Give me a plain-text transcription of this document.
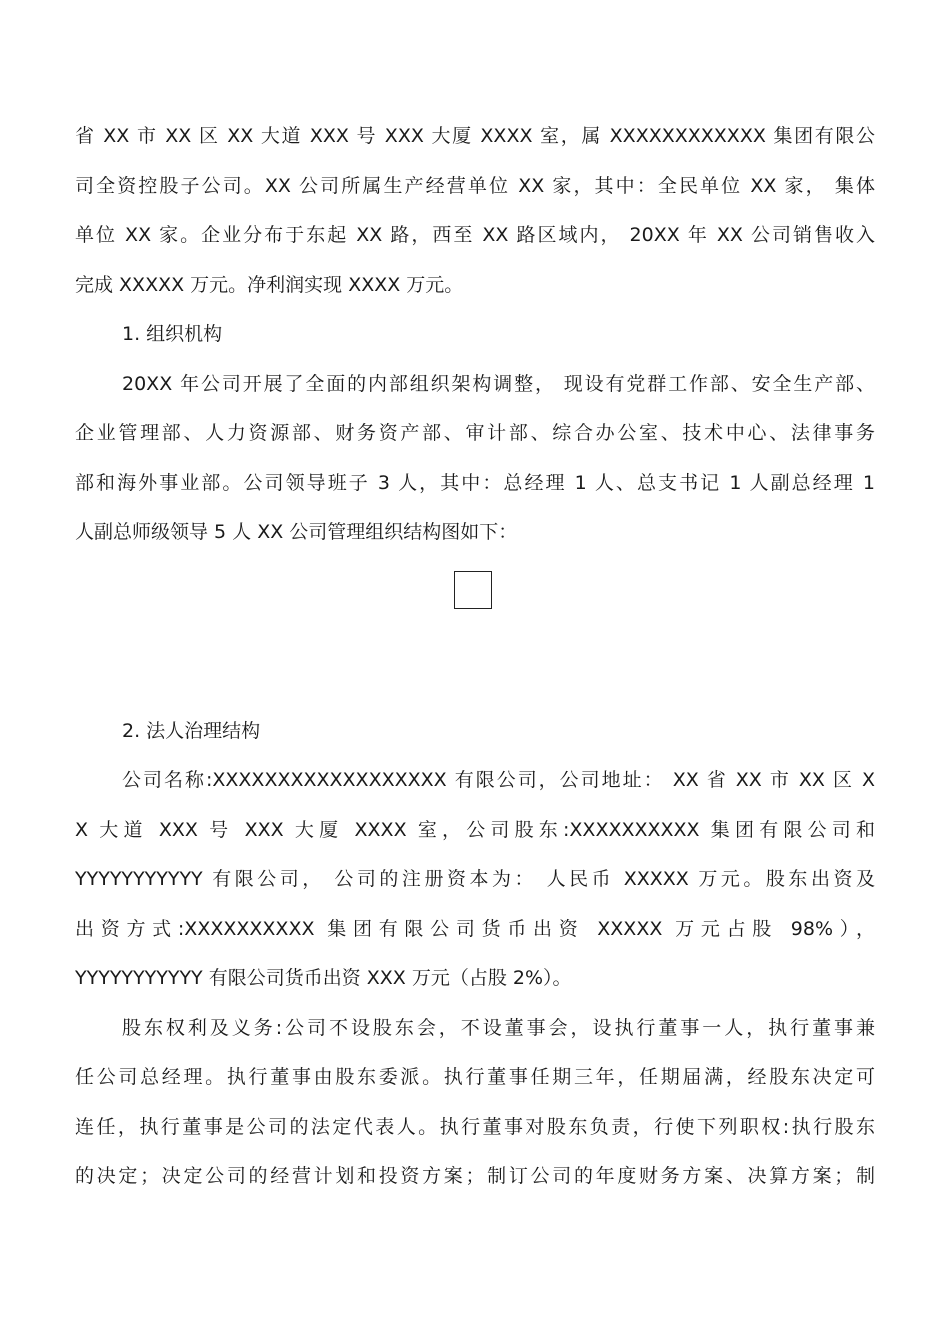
省 XX 市 XX 区 XX 大道 XXX 号 XXX 大厦 XXXX 室，属 XXXXXXXXXXXX 集团有限公
司全资控股子公司。XX 公司所属生产经营单位 XX 家，其中：全民单位 XX 家， 集体
单位 XX 家。企业分布于东起 XX 路，西至 XX 路区域内， 20XX 年 XX 公司销售收入
完成 XXXXX 万元。净利润实现 XXXX 万元。
1. 组织机构
20XX 年公司开展了全面的内部组织架构调整， 现设有党群工作部、安全生产部、
企业管理部、人力资源部、财务资产部、审计部、综合办公室、技术中心、法律事务
部和海外事业部。公司领导班子 3 人，其中：总经理 1 人、总支书记 1 人副总经理 1
人副总师级领导 5 人 XX 公司管理组织结构图如下：
2. 法人治理结构
公司名称:XXXXXXXXXXXXXXXXXX 有限公司，公司地址： XX 省 XX 市 XX 区 X
X 大道 XXX 号 XXX 大厦 XXXX 室，公司股东:XXXXXXXXXX 集团有限公司和
YYYYYYYYYYY 有限公司， 公司的注册资本为： 人民币 XXXXX 万元。股东出资及
出资方式:XXXXXXXXXX 集团有限公司货币出资 XXXXX 万元占股 98%），
YYYYYYYYYYY 有限公司货币出资 XXX 万元（占股 2%）。
股东权利及义务:公司不设股东会，不设董事会，设执行董事一人，执行董事兼
任公司总经理。执行董事由股东委派。执行董事任期三年，任期届满，经股东决定可
连任，执行董事是公司的法定代表人。执行董事对股东负责，行使下列职权:执行股东
的决定；决定公司的经营计划和投资方案；制订公司的年度财务方案、决算方案；制
